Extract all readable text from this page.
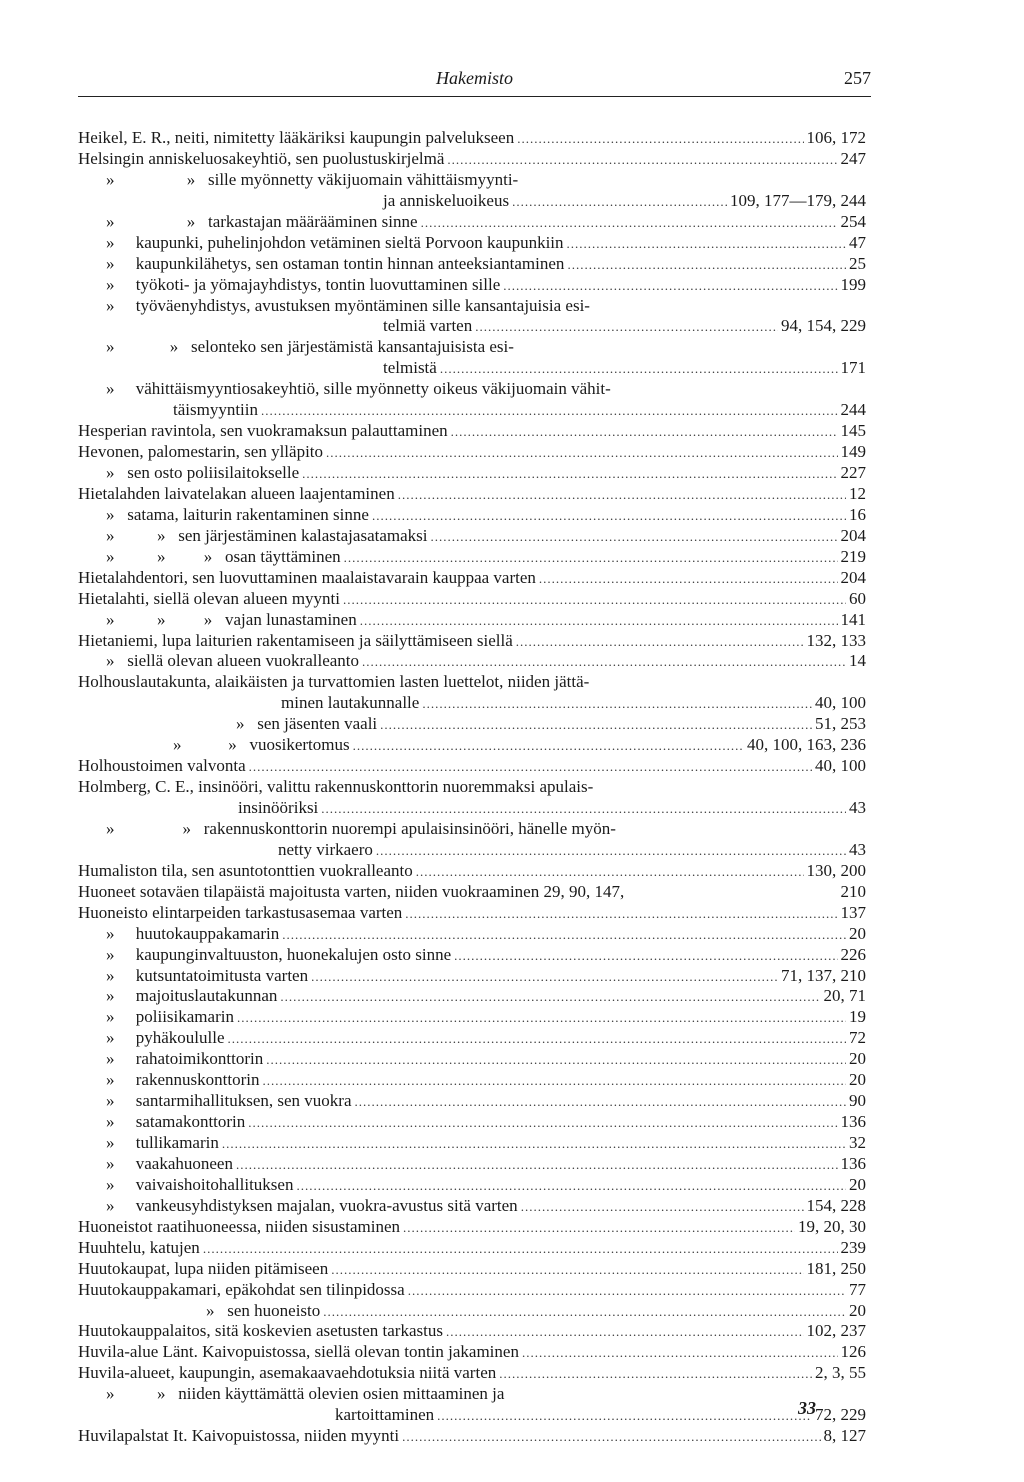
Hakemisto	257
Heikel, E. R., neiti, nimitetty lääkäriksi kaupungin palvelukseen .....	106, 172
Helsingin anniskeluosakeyhtiö, sen puolustuskirjelmä .....	247
»                 »   sille myönnetty väkijuomain vähittäismyynti-
ja anniskeluoikeus .....	109, 177—179, 244
»                 »   tarkastajan määrääminen sinne .....	254
»     kaupunki, puhelinjohdon vetäminen sieltä Porvoon kaupunkiin .....	47
»     kaupunkilähetys, sen ostaman tontin hinnan anteeksiantaminen .....	25
»     työkoti- ja yömajayhdistys, tontin luovuttaminen sille .....	199
»     työväenyhdistys, avustuksen myöntäminen sille kansantajuisia esi-
telmiä varten .....	94, 154, 229
»             »   selonteko sen järjestämistä kansantajuisista esi-
telmistä .....	171
»     vähittäismyyntiosakeyhtiö, sille myönnetty oikeus väkijuomain vähit-
täismyyntiin .....	244
Hesperian ravintola, sen vuokramaksun palauttaminen .....	145
Hevonen, palomestarin, sen ylläpito .....	149
»   sen osto poliisilaitokselle .....	227
Hietalahden laivatelakan alueen laajentaminen .....	12
»   satama, laiturin rakentaminen sinne .....	16
»          »   sen järjestäminen kalastajasatamaksi .....	204
»          »         »   osan täyttäminen .....	219
Hietalahdentori, sen luovuttaminen maalaistavarain kauppaa varten .....	204
Hietalahti, siellä olevan alueen myynti .....	60
»          »         »   vajan lunastaminen .....	141
Hietaniemi, lupa laiturien rakentamiseen ja säilyttämiseen siellä .....	132, 133
»   siellä olevan alueen vuokralleanto .....	14
Holhouslautakunta, alaikäisten ja turvattomien lasten luettelot, niiden jättä-
minen lautakunnalle .....	40, 100
»   sen jäsenten vaali .....	51, 253
»           »   vuosikertomus .....	40, 100, 163, 236
Holhoustoimen valvonta .....	40, 100
Holmberg, C. E., insinööri, valittu rakennuskonttorin nuoremmaksi apulais-
insinööriksi .....	43
»                »   rakennuskonttorin nuorempi apulaisinsinööri, hänelle myön-
netty virkaero .....	43
Humaliston tila, sen asuntotonttien vuokralleanto .....	130, 200
Huoneet sotaväen tilapäistä majoitusta varten, niiden vuokraaminen 29, 90, 147,	210
Huoneisto elintarpeiden tarkastusasemaa varten .....	137
»     huutokauppakamarin .....	20
»     kaupunginvaltuuston, huonekalujen osto sinne .....	226
»     kutsuntatoimitusta varten .....	71, 137, 210
»     majoituslautakunnan .....	20, 71
»     poliisikamarin .....	19
»     pyhäkoululle .....	72
»     rahatoimikonttorin .....	20
»     rakennuskonttorin .....	20
»     santarmihallituksen, sen vuokra .....	90
»     satamakonttorin .....	136
»     tullikamarin .....	32
»     vaakahuoneen .....	136
»     vaivaishoitohallituksen .....	20
»     vankeusyhdistyksen majalan, vuokra-avustus sitä varten .....	154, 228
Huoneistot raatihuoneessa, niiden sisustaminen .....	19, 20, 30
Huuhtelu, katujen .....	239
Huutokaupat, lupa niiden pitämiseen .....	181, 250
Huutokauppakamari, epäkohdat sen tilinpidossa .....	77
»   sen huoneisto .....	20
Huutokauppalaitos, sitä koskevien asetusten tarkastus .....	102, 237
Huvila-alue Länt. Kaivopuistossa, siellä olevan tontin jakaminen .....	126
Huvila-alueet, kaupungin, asemakaavaehdotuksia niitä varten .....	2, 3, 55
»          »   niiden käyttämättä olevien osien mittaaminen ja
kartoittaminen .....	72, 229
Huvilapalstat It. Kaivopuistossa, niiden myynti .....	8, 127
33
